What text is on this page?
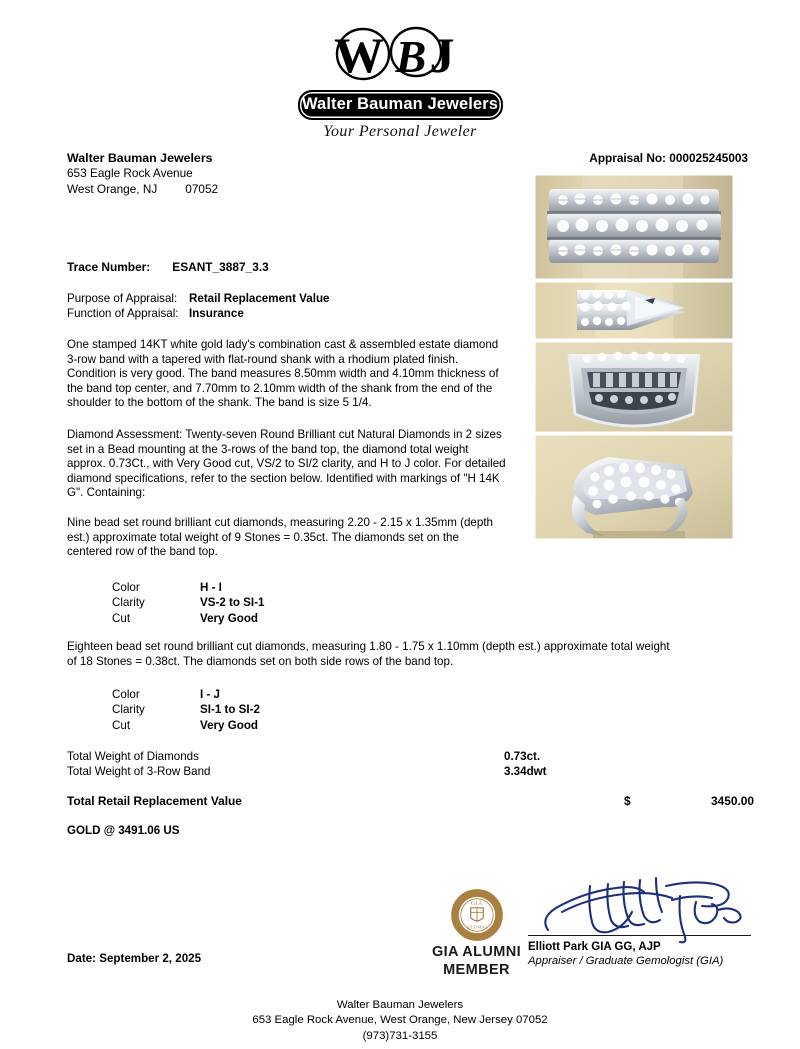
W B J
Walter Bauman Jewelers
Your Personal Jeweler
Walter Bauman Jewelers
653 Eagle Rock Avenue
West Orange, NJ 07052
Appraisal No: 000025245003
Trace Number: ESANT_3887_3.3
Purpose of Appraisal:	Retail Replacement Value
Function of Appraisal: Insurance
One stamped 14KT white gold lady's combination cast & assembled estate diamond 3-row band with a tapered with flat-round shank with a rhodium plated finish. Condition is very good. The band measures 8.50mm width and 4.10mm thickness of the band top center, and 7.70mm to 2.10mm width of the shank from the end of the shoulder to the bottom of the shank. The band is size 5 1/4.
Diamond Assessment: Twenty-seven Round Brilliant cut Natural Diamonds in 2 sizes set in a Bead mounting at the 3-rows of the band top, the diamond total weight approx. 0.73Ct., with Very Good cut, VS/2 to SI/2 clarity, and H to J color. For detailed diamond specifications, refer to the section below. Identified with markings of "H 14K G". Containing:
Nine bead set round brilliant cut diamonds, measuring 2.20 - 2.15 x 1.35mm (depth est.) approximate total weight of 9 Stones = 0.35ct. The diamonds set on the centered row of the band top.
Color	H - I
Clarity	VS-2 to SI-1
Cut	Very Good
Eighteen bead set round brilliant cut diamonds, measuring 1.80 - 1.75 x 1.10mm (depth est.) approximate total weight of 18 Stones = 0.38ct. The diamonds set on both side rows of the band top.
Color	I - J
Clarity	SI-1 to SI-2
Cut	Very Good
Total Weight of Diamonds	0.73ct.
Total Weight of 3-Row Band	3.34dwt
Total Retail Replacement Value	$	3450.00
GOLD @ 3491.06 US
Date: September 2, 2025
GIA
ALUMNI
GIA ALUMNI
MEMBER
Elliott Park GIA GG, AJP
Appraiser / Graduate Gemologist (GIA)
Walter Bauman Jewelers
653 Eagle Rock Avenue, West Orange, New Jersey 07052
(973)731-3155
